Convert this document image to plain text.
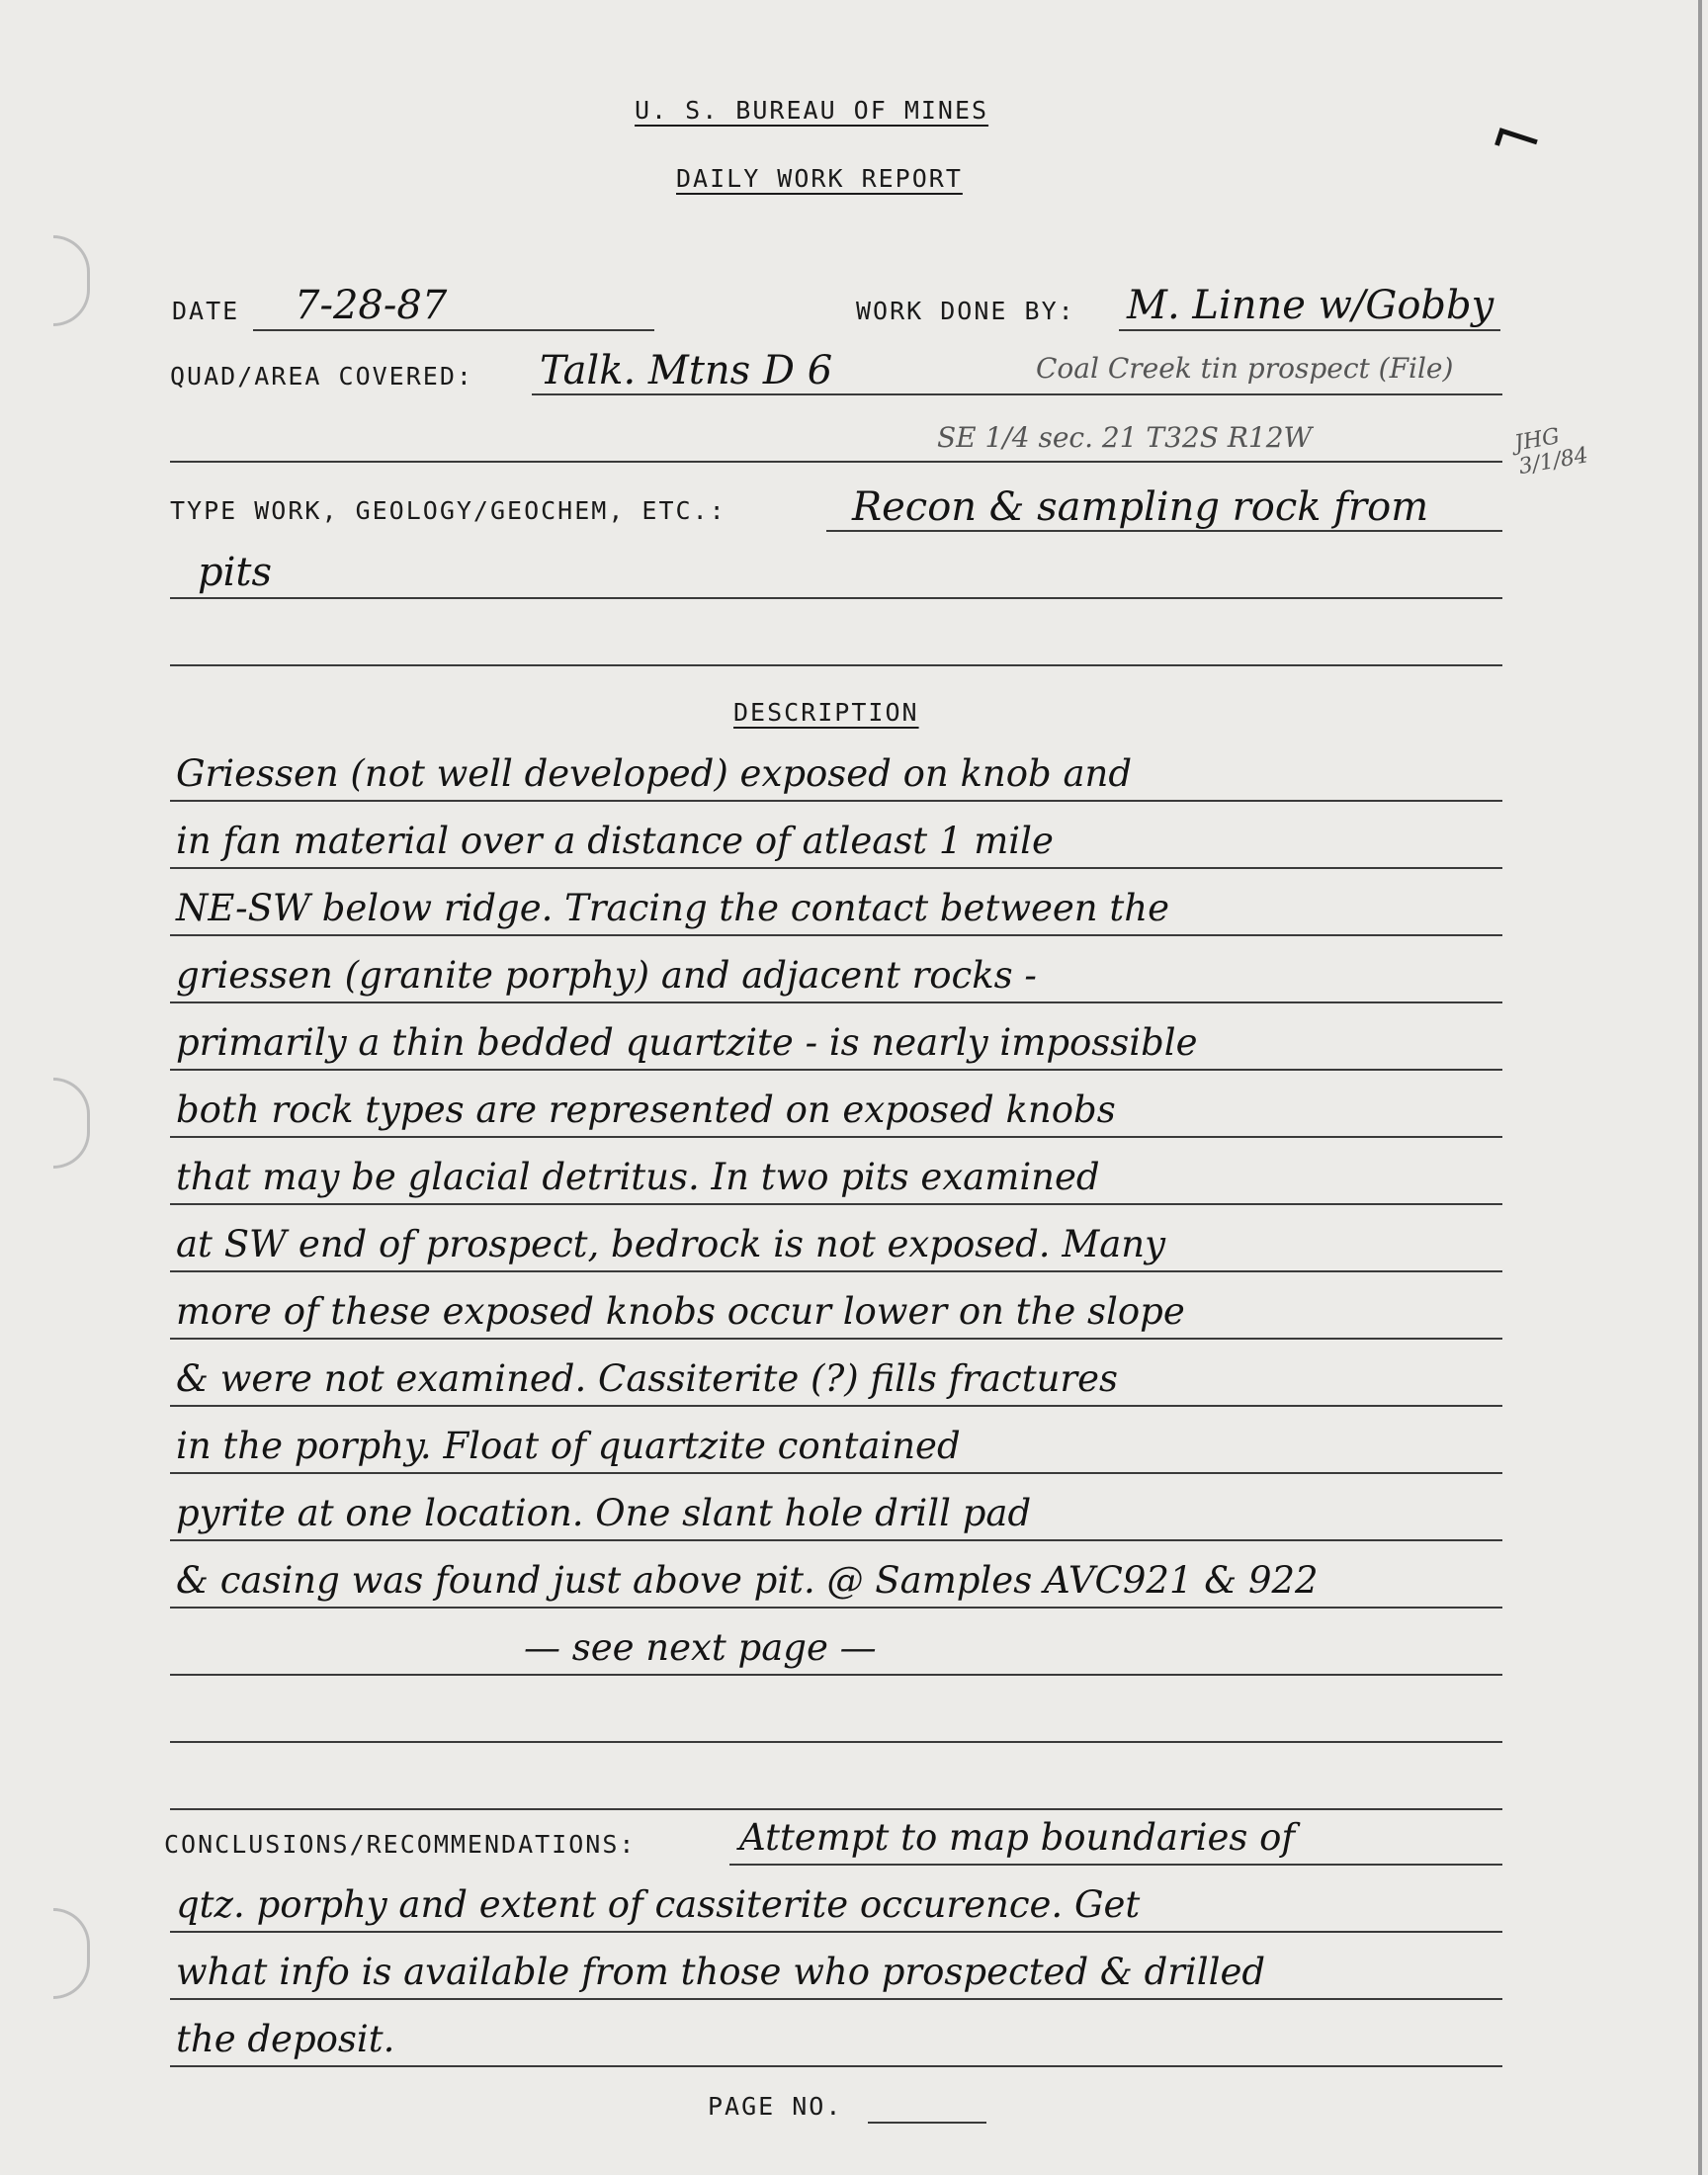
U. S. BUREAU OF MINES
DAILY WORK REPORT	⌐
DATE 7-28-87	WORK DONE BY: M. Linne w/Gobby
QUAD/AREA COVERED: Talk. Mtns D 6	Coal Creek tin prospect (File)
SE 1/4 sec. 21 T32S R12W	JHG 3/1/84
TYPE WORK, GEOLOGY/GEOCHEM, ETC.:	Recon & sampling rock from
pits
DESCRIPTION
Griessen (not well developed) exposed on knob and
in fan material over a distance of atleast 1 mile
NE-SW below ridge. Tracing the contact between the
griessen (granite porphy) and adjacent rocks -
primarily a thin bedded quartzite - is nearly impossible
both rock types are represented on exposed knobs
that may be glacial detritus. In two pits examined
at SW end of prospect, bedrock is not exposed. Many
more of these exposed knobs occur lower on the slope
& were not examined. Cassiterite (?) fills fractures
in the porphy. Float of quartzite contained
pyrite at one location. One slant hole drill pad
& casing was found just above pit. @ Samples AVC921 & 922
— see next page —
CONCLUSIONS/RECOMMENDATIONS:	Attempt to map boundaries of
qtz. porphy and extent of cassiterite occurence. Get
what info is available from those who prospected & drilled
the deposit.
PAGE NO.
